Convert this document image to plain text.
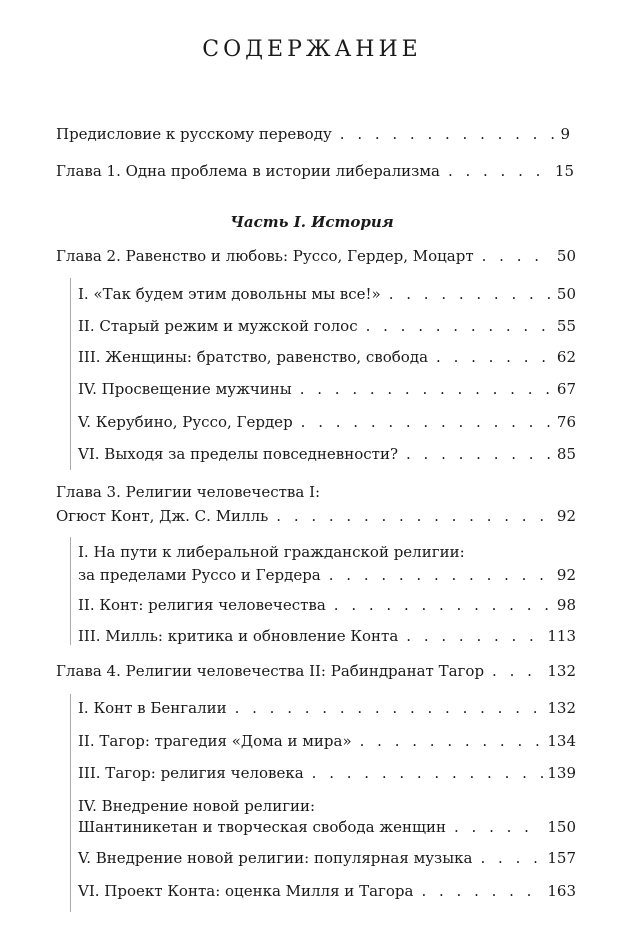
СОДЕРЖАНИЕ
Предисловие к русскому переводу . . .	9
Глава 1. Одна проблема в истории либерализма . . .	15
Часть I. История
Глава 2. Равенство и любовь: Руссо, Гердер, Моцарт . . .	50
I. «Так будем этим довольны мы все!» . . .	50
II. Старый режим и мужской голос . . .	55
III. Женщины: братство, равенство, свобода . . .	62
IV. Просвещение мужчины . . .	67
V. Керубино, Руссо, Гердер . . .	76
VI. Выходя за пределы повседневности? . . .	85
Глава 3. Религии человечества I:
Огюст Конт, Дж. С. Милль . . .	92
I. На пути к либеральной гражданской религии:
за пределами Руссо и Гердера . . .	92
II. Конт: религия человечества . . .	98
III. Милль: критика и обновление Конта . . .	113
Глава 4. Религии человечества II: Рабиндранат Тагор . . .	132
I. Конт в Бенгалии . . .	132
II. Тагор: трагедия «Дома и мира» . . .	134
III. Тагор: религия человека . . .	139
IV. Внедрение новой религии:
Шантиникетан и творческая свобода женщин . . .	150
V. Внедрение новой религии: популярная музыка . . .	157
VI. Проект Конта: оценка Милля и Тагора . . .	163
